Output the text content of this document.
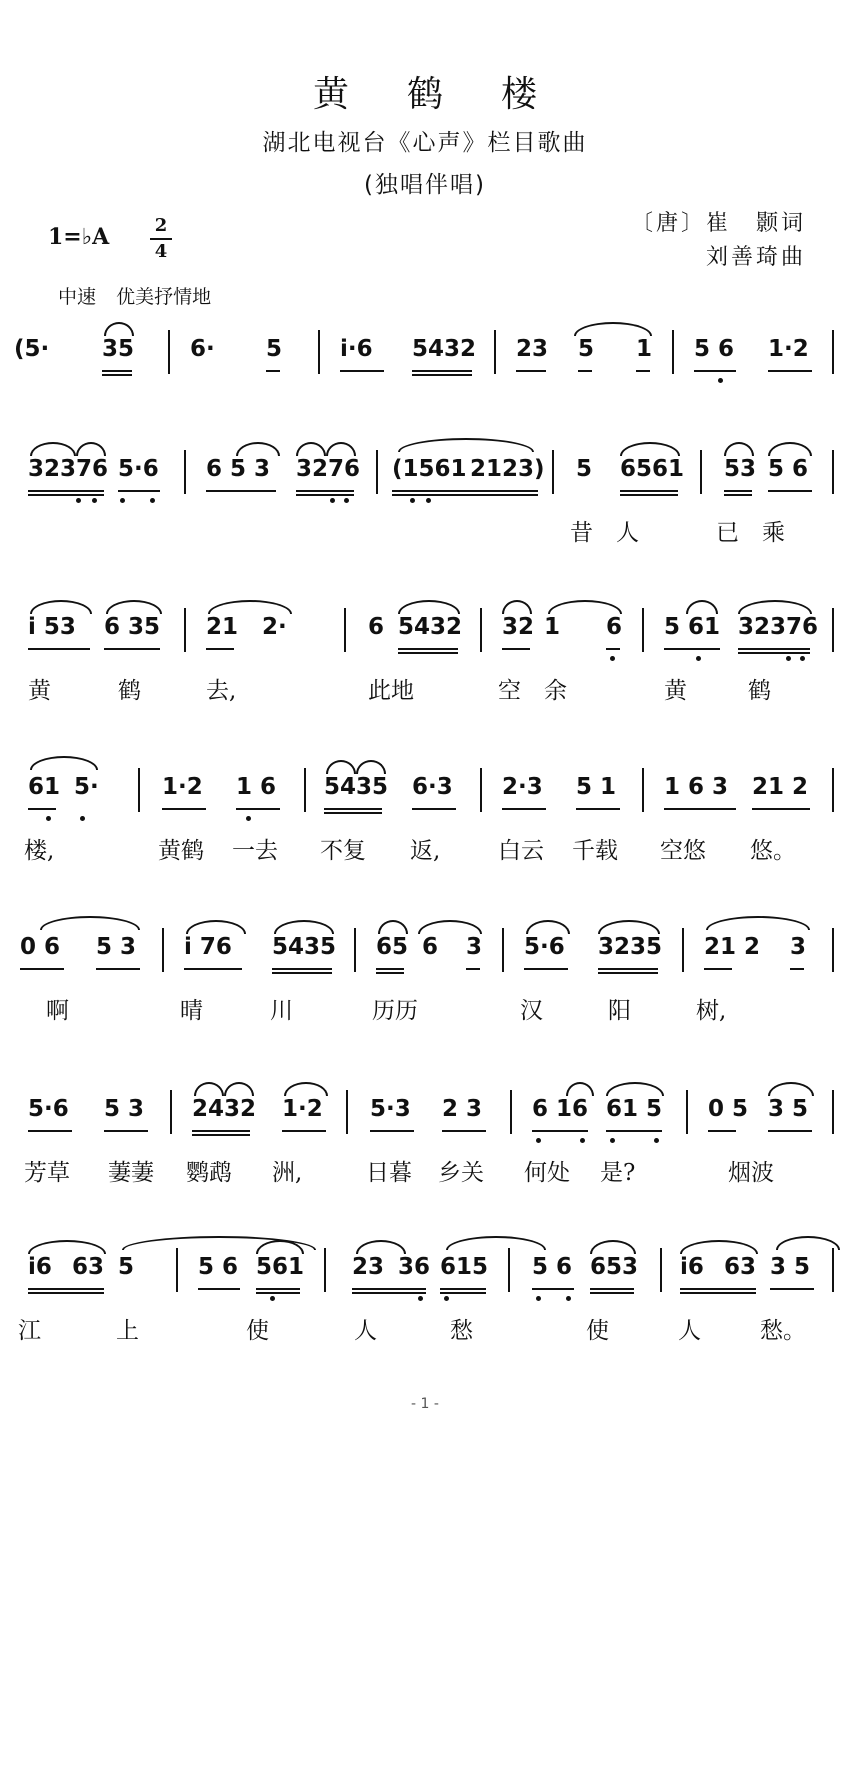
黄鹤楼
湖北电视台《心声》栏目歌曲
(独唱伴唱)
1=♭A	2
4
〔唐〕崔　颢词
刘善琦曲
中速 优美抒情地

(5·

35

6·

5

	i·6

5432

23

5

1

5 6

1·2

32376

5·6

6 5 3

3276

(1561

2123)

5

6561

53

5 6

昔 人	已 乘

i 53

6 35

21

2·

	6

5432

32

1

6

5 61

32376

黄	鹤	去,	此地	空 余	黄	鹤

61

5·

	1·2

1 6

5435

6·3

2·3

5 1

1 6 3

21 2

楼,	黄鹤 一去 不复 返,	白云 千载 空悠 悠。

0 6

5 3

i 76

5435

65

6

3

5·6

3235

21 2

3

啊	晴	川	历历	汉	阳	树,

5·6

5 3

2432

1·2

5·3

2 3

6 16

61 5

0 5

3 5

芳草 萋萋 鹦鹉 洲,	日暮 乡关 何处 是?	烟波

i6

63

5

	5 6

561

23

36

615

5 6

653

i6

63

3 5

江	上	使	人	愁	使	人	愁。
- 1 -
